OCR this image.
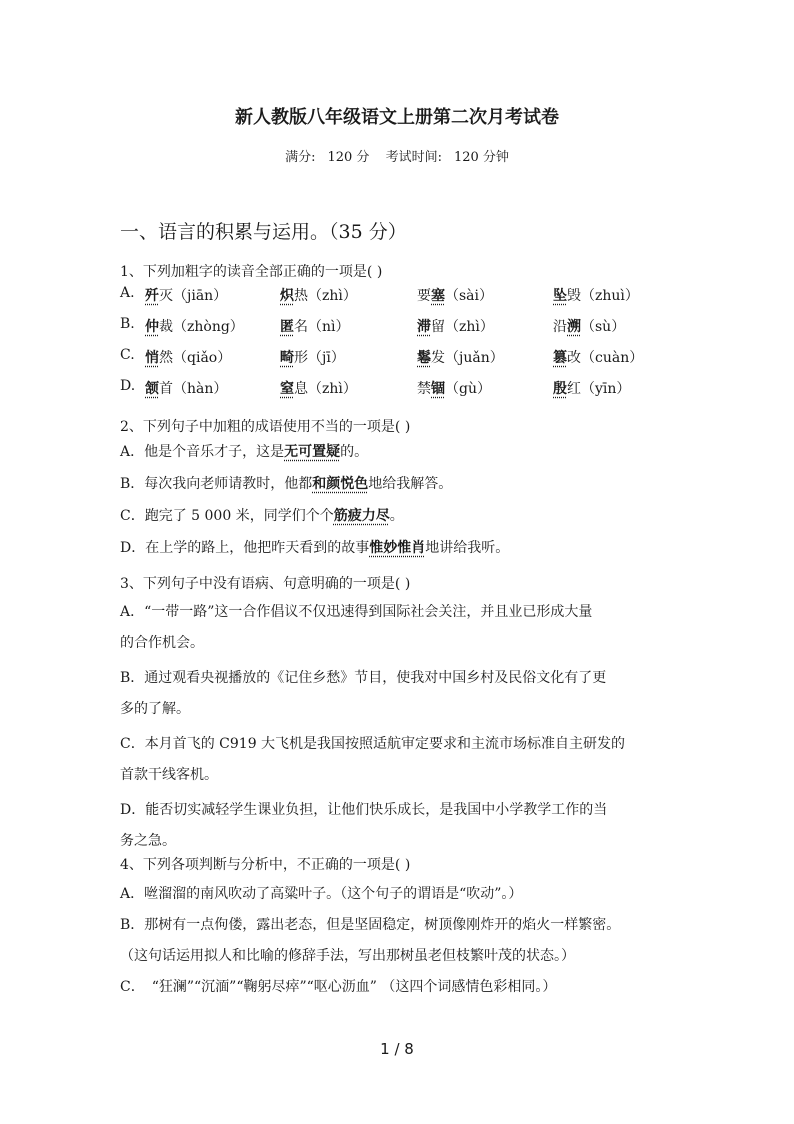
新人教版八年级语文上册第二次月考试卷
满分: 120 分 考试时间: 120 分钟
一、语言的积累与运用。（35 分）
1、下列加粗字的读音全部正确的一项是( )
A. 歼灭（jiān）	炽热（zhì）	要塞（sài）	坠毁（zhuì）
B. 仲裁（zhòng）	匿名（nì）	滞留（zhì）	沿溯（sù）
C. 悄然（qiǎo）	畸形（jī）	鬈发（juǎn）	篡改（cuàn）
D. 颔首（hàn）	窒息（zhì）	禁锢（gù）	殷红（yīn）
2、下列句子中加粗的成语使用不当的一项是( )
A．他是个音乐才子，这是无可置疑的。
B．每次我向老师请教时，他都和颜悦色地给我解答。
C．跑完了 5 000 米，同学们个个筋疲力尽。
D．在上学的路上，他把昨天看到的故事惟妙惟肖地讲给我听。
3、下列句子中没有语病、句意明确的一项是( )
A．“一带一路”这一合作倡议不仅迅速得到国际社会关注，并且业已形成大量
的合作机会。
B．通过观看央视播放的《记住乡愁》节目，使我对中国乡村及民俗文化有了更
多的了解。
C．本月首飞的 C919 大飞机是我国按照适航审定要求和主流市场标准自主研发的
首款干线客机。
D．能否切实减轻学生课业负担，让他们快乐成长，是我国中小学教学工作的当
务之急。
4、下列各项判断与分析中，不正确的一项是( )
A．咝溜溜的南风吹动了高粱叶子。（这个句子的谓语是“吹动”。）
B．那树有一点佝偻，露出老态，但是坚固稳定，树顶像刚炸开的焰火一样繁密。
（这句话运用拟人和比喻的修辞手法，写出那树虽老但枝繁叶茂的状态。）
C．　“狂澜”“沉湎”“鞠躬尽瘁”“呕心沥血” （这四个词感情色彩相同。）
1 / 8
